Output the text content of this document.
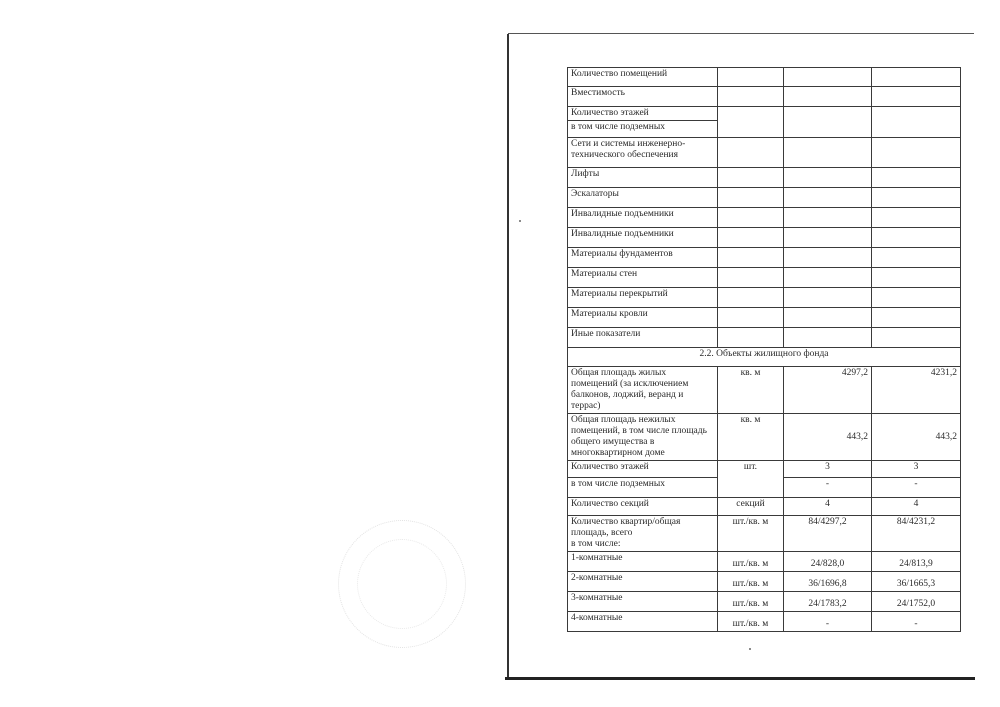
Количество помещений			
Вместимость			
Количество этажей			
в том числе подземных			
Сети и системы инженерно-технического обеспечения			
Лифты			
Эскалаторы			
Инвалидные подъемники			
Инвалидные подъемники			
Материалы фундаментов			
Материалы стен			
Материалы перекрытий			
Материалы кровли			
Иные показатели			
2.2. Объекты жилищного фонда			
Общая площадь жилых помещений (за исключением балконов, лоджий, веранд и террас)	кв. м	4297,2	4231,2
Общая площадь нежилых помещений, в том числе площадь общего имущества в многоквартирном доме	кв. м	443,2	443,2
Количество этажей	шт.	3	3
в том числе подземных		-	-
Количество секций	секций	4	4
Количество квартир/общая площадь, всего
в том числе:	шт./кв. м	84/4297,2	84/4231,2
1-комнатные	шт./кв. м	24/828,0	24/813,9
2-комнатные	шт./кв. м	36/1696,8	36/1665,3
3-комнатные	шт./кв. м	24/1783,2	24/1752,0
4-комнатные	шт./кв. м	-	-
